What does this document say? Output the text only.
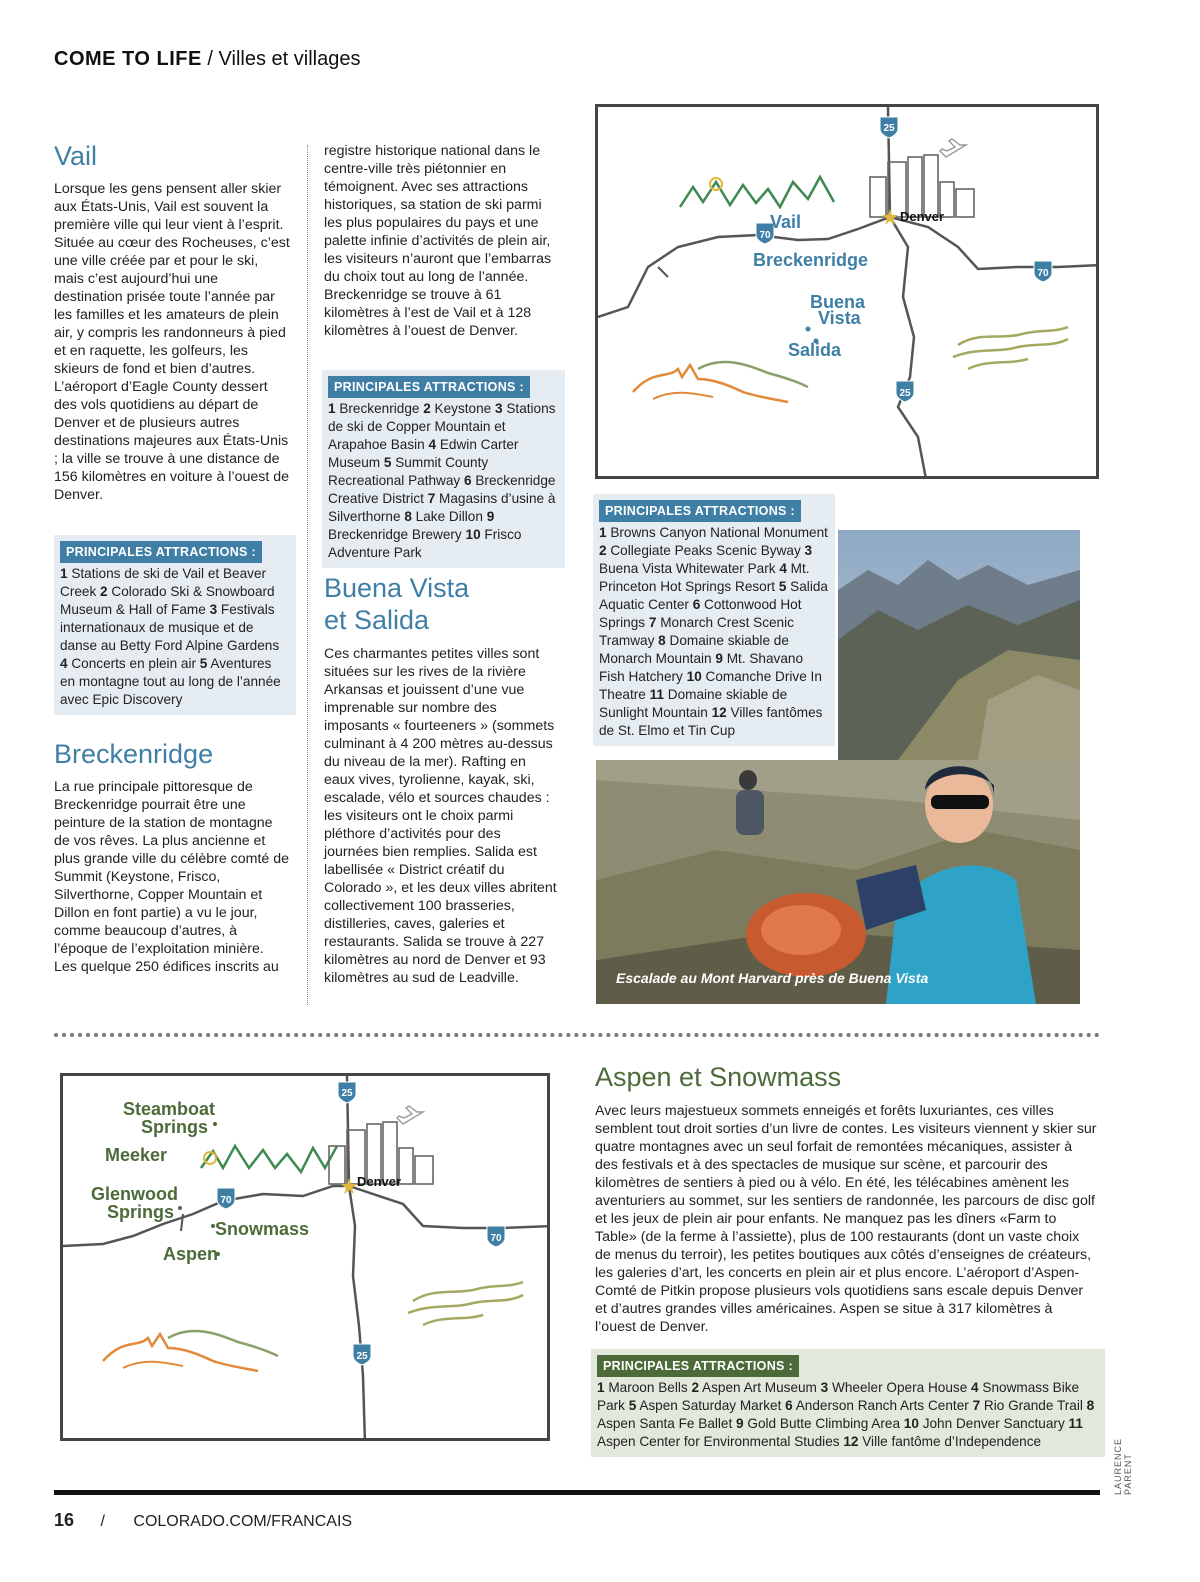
COME TO LIFE / Villes et villages
Vail

Lorsque les gens pensent aller skier aux États-Unis, Vail est souvent la première ville qui leur vient à l’esprit. Située au cœur des Rocheuses, c’est une ville créée par et pour le ski, mais c’est aujourd’hui une destination prisée toute l’année par les familles et les amateurs de plein air, y compris les randonneurs à pied et en raquette, les golfeurs, les skieurs de fond et bien d’autres. L’aéroport d’Eagle County dessert des vols quotidiens au départ de Denver et de plusieurs autres destinations majeures aux États-Unis ; la ville se trouve à une distance de 156 kilomètres en voiture à l’ouest de Denver.

PRINCIPALES ATTRACTIONS :
1 Stations de ski de Vail et Beaver Creek 2 Colorado Ski & Snowboard Museum & Hall of Fame 3 Festivals internationaux de musique et de danse au Betty Ford Alpine Gardens 4 Concerts en plein air 5 Aventures en montagne tout au long de l’année avec Epic Discovery
Breckenridge

La rue principale pittoresque de Breckenridge pourrait être une peinture de la station de montagne de vos rêves. La plus ancienne et plus grande ville du célèbre comté de Summit (Keystone, Frisco, Silverthorne, Copper Mountain et Dillon en font partie) a vu le jour, comme beaucoup d’autres, à l’époque de l’exploitation minière. Les quelque 250 édifices inscrits au

registre historique national dans le centre-ville très piétonnier en témoignent. Avec ses attractions historiques, sa station de ski parmi les plus populaires du pays et une palette infinie d’activités de plein air, les visiteurs n’auront que l’embarras du choix tout au long de l’année. Breckenridge se trouve à 61 kilomètres à l’est de Vail et à 128 kilomètres à l’ouest de Denver.

PRINCIPALES ATTRACTIONS :
1 Breckenridge 2 Keystone 3 Stations de ski de Copper Mountain et Arapahoe Basin 4 Edwin Carter Museum 5 Summit County Recreational Pathway 6 Breckenridge Creative District 7 Magasins d’usine à Silverthorne 8 Lake Dillon 9 Breckenridge Brewery 10 Frisco Adventure Park
Buena Vista
et Salida

Ces charmantes petites villes sont situées sur les rives de la rivière Arkansas et jouissent d’une vue imprenable sur nombre des imposants « fourteeners » (sommets culminant à 4 200 mètres au-dessus du niveau de la mer). Rafting en eaux vives, tyrolienne, kayak, ski, escalade, vélo et sources chaudes : les visiteurs ont le choix parmi pléthore d’activités pour des journées bien remplies. Salida est labellisée « District créatif du Colorado », et les deux villes abritent collectivement 100 brasseries, distilleries, caves, galeries et restaurants. Salida se trouve à 227 kilomètres au nord de Denver et 93 kilomètres au sud de Leadville.

25
70
70
25
Denver
Vail
Breckenridge
Buena
Vista
Salida
PRINCIPALES ATTRACTIONS :
1 Browns Canyon National Monument 2 Collegiate Peaks Scenic Byway 3 Buena Vista Whitewater Park 4 Mt. Princeton Hot Springs Resort 5 Salida Aquatic Center 6 Cottonwood Hot Springs 7 Monarch Crest Scenic Tramway 8 Domaine skiable de Monarch Mountain 9 Mt. Shavano Fish Hatchery 10 Comanche Drive In Theatre 11 Domaine skiable de Sunlight Mountain 12 Villes fantômes de St. Elmo et Tin Cup
Escalade au Mont Harvard près de Buena Vista
25
70
70
25
Denver
Steamboat
Springs
Meeker
Glenwood
Springs
Snowmass
Aspen
Aspen et Snowmass

Avec leurs majestueux sommets enneigés et forêts luxuriantes, ces villes semblent tout droit sorties d’un livre de contes. Les visiteurs viennent y skier sur quatre montagnes avec un seul forfait de remontées mécaniques, assister à des festivals et à des spectacles de musique sur scène, et parcourir des kilomètres de sentiers à pied ou à vélo. En été, les télécabines amènent les aventuriers au sommet, sur les sentiers de randonnée, les parcours de disc golf et les jeux de plein air pour enfants. Ne manquez pas les dîners «Farm to Table» (de la ferme à l’assiette), plus de 100 restaurants (dont un vaste choix de menus du terroir), les petites boutiques aux côtés d’enseignes de créateurs, les galeries d’art, les concerts en plein air et plus encore. L’aéroport d’Aspen-Comté de Pitkin propose plusieurs vols quotidiens sans escale depuis Denver et d’autres grandes villes américaines. Aspen se situe à 317 kilomètres à l’ouest de Denver.

PRINCIPALES ATTRACTIONS :
1 Maroon Bells 2 Aspen Art Museum 3 Wheeler Opera House 4 Snowmass Bike Park 5 Aspen Saturday Market 6 Anderson Ranch Arts Center 7 Rio Grande Trail 8 Aspen Santa Fe Ballet 9 Gold Butte Climbing Area 10 John Denver Sanctuary 11 Aspen Center for Environmental Studies 12 Ville fantôme d’Independence	LAURENCE PARENT
16 / COLORADO.COM/FRANCAIS
